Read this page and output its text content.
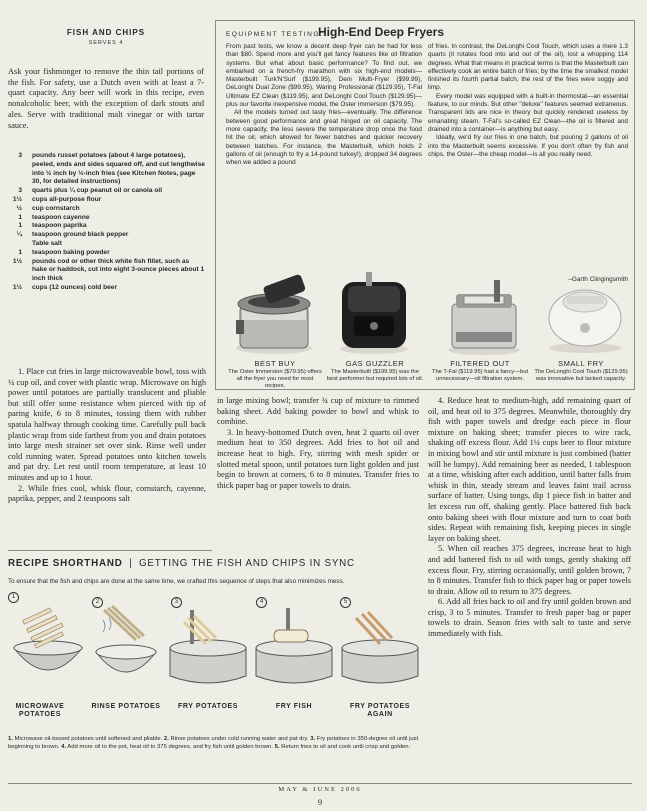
FISH AND CHIPS
SERVES 4
Ask your fishmonger to remove the thin tail portions of the fish. For safety, use a Dutch oven with at least a 7-quart capacity. Any beer will work in this recipe, even nonalcoholic beer, with the exception of dark stouts and ales. Serve with traditional malt vinegar or with tartar sauce.
3	pounds russet potatoes (about 4 large potatoes), peeled, ends and sides squared off, and cut lengthwise into ½ inch by ½-inch fries (see Kitchen Notes, page 30, for detailed instructions)
3	quarts plus ¼ cup peanut oil or canola oil
1½	cups all-purpose flour
½	cup cornstarch
1	teaspoon cayenne
1	teaspoon paprika
¼	teaspoon ground black pepper
Table salt
1	teaspoon baking powder
1½	pounds cod or other thick white fish fillet, such as hake or haddock, cut into eight 3-ounce pieces about 1 inch thick
1½	cups (12 ounces) cold beer

1. Place cut fries in large microwaveable bowl, toss with ¼ cup oil, and cover with plastic wrap. Microwave on high power until potatoes are partially translucent and pliable but still offer some resistance when pierced with tip of paring knife, 6 to 8 minutes, tossing them with rubber spatula halfway through cooking time. Carefully pull back plastic wrap from side farthest from you and drain potatoes into large mesh strainer set over sink. Rinse well under cold running water. Spread potatoes onto kitchen towels and pat dry. Let rest until room temperature, at least 10 minutes and up to 1 hour.

2. While fries cool, whisk flour, cornstarch, cayenne, paprika, pepper, and 2 teaspoons salt

in large mixing bowl; transfer ¾ cup of mixture to rimmed baking sheet. Add baking powder to bowl and whisk to combine.

3. In heavy-bottomed Dutch oven, heat 2 quarts oil over medium heat to 350 degrees. Add fries to hot oil and increase heat to high. Fry, stirring with mesh spider or slotted metal spoon, until potatoes turn light golden and just begin to brown at corners, 6 to 8 minutes. Transfer fries to thick paper bag or paper towels to drain.

4. Reduce heat to medium-high, add remaining quart of oil, and heat oil to 375 degrees. Meanwhile, thoroughly dry fish with paper towels and dredge each piece in flour mixture on baking sheet; transfer pieces to wire rack, shaking off excess flour. Add 1¼ cups beer to flour mixture in mixing bowl and stir until mixture is just combined (batter will be lumpy). Add remaining beer as needed, 1 tablespoon at a time, whisking after each addition, until batter falls from whisk in thin, steady stream and leaves faint trail across surface of batter. Using tongs, dip 1 piece fish in batter and let excess run off, shaking gently. Place battered fish back onto baking sheet with flour mixture and turn to coat both sides. Repeat with remaining fish, keeping pieces in single layer on baking sheet.

5. When oil reaches 375 degrees, increase heat to high and add battered fish to oil with tongs, gently shaking off excess flour. Fry, stirring occasionally, until golden brown, 7 to 8 minutes. Transfer fish to thick paper bag or paper towels to drain. Allow oil to return to 375 degrees.

6. Add all fries back to oil and fry until golden brown and crisp, 3 to 5 minutes. Transfer to fresh paper bag or paper towels to drain. Season fries with salt to taste and serve immediately with fish.

EQUIPMENT TESTING:
High-End Deep Fryers

From past tests, we know a decent deep fryer can be had for less than $80. Spend more and you'll get fancy features like oil filtration systems. But what about basic performance? To find out, we embarked on a french-fry marathon with six high-end models—Masterbuilt Turk'N'Surf ($199.95), Deni Multi-Fryer ($99.99), DeLonghi Dual Zone ($99.95), Waring Professional ($129.95), T-Fal Ultimate EZ Clean ($119.95), and DeLonghi Cool Touch ($129.95)—plus our favorite inexpensive model, the Oster Immersion ($79.95).

All the models turned out tasty fries—eventually. The difference between good performance and great hinged on oil capacity. The more capacity, the less severe the temperature drop once the food hit the oil, which allowed for fewer batches and quicker recovery between batches. For instance, the Masterbuilt, which holds 2 gallons of oil (enough to fry a 14-pound turkey!), dropped 34 degrees when we added a pound

of fries. In contrast, the DeLonghi Cool Touch, which uses a mere 1.3 quarts (it rotates food into and out of the oil), lost a whopping 114 degrees. What that means in practical terms is that the Masterbuilt can effectively cook an entire batch of fries; by the time the smallest model finished its fourth partial batch, the rest of the fries were soggy and limp.

Every model was equipped with a built-in thermostat—an essential feature, to our minds. But other "deluxe" features seemed extraneous. Transparent lids are nice in theory but quickly rendered useless by emanating steam. T-Fal's so-called EZ Clean—the oil is filtered and drained into a container—is anything but easy.

Ideally, we'd fry our fries in one batch, but pouring 2 gallons of oil into the Masterbuilt seems excessive. If you don't often fry fish and chips, the Oster—the cheap model—is all you really need.

–Garth Clingingsmith
BEST BUY
The Oster Immersion ($79.95) offers all the fryer you need for most recipes.
GAS GUZZLER
The Masterbuilt ($199.95) was the best performer but required lots of oil.
FILTERED OUT
The T-Fal ($119.95) had a fancy—but unnecessary—oil filtration system.
SMALL FRY
The DeLonghi Cool Touch ($129.95) was innovative but lacked capacity.
RECIPE SHORTHAND | GETTING THE FISH AND CHIPS IN SYNC
To ensure that the fish and chips are done at the same time, we crafted this sequence of steps that also minimizes mess.
1
2	3	4	5
MICROWAVE POTATOES
RINSE POTATOES	FRY POTATOES	FRY FISH	FRY POTATOES AGAIN
1. Microwave oil-tossed potatoes until softened and pliable. 2. Rinse potatoes under cold running water and pat dry. 3. Fry potatoes in 350-degree oil until just beginning to brown. 4. Add more oil to the pot, heat oil to 375 degrees, and fry fish until golden brown. 5. Return fries to oil and cook until crisp and golden.
MAY & JUNE 2006
9
